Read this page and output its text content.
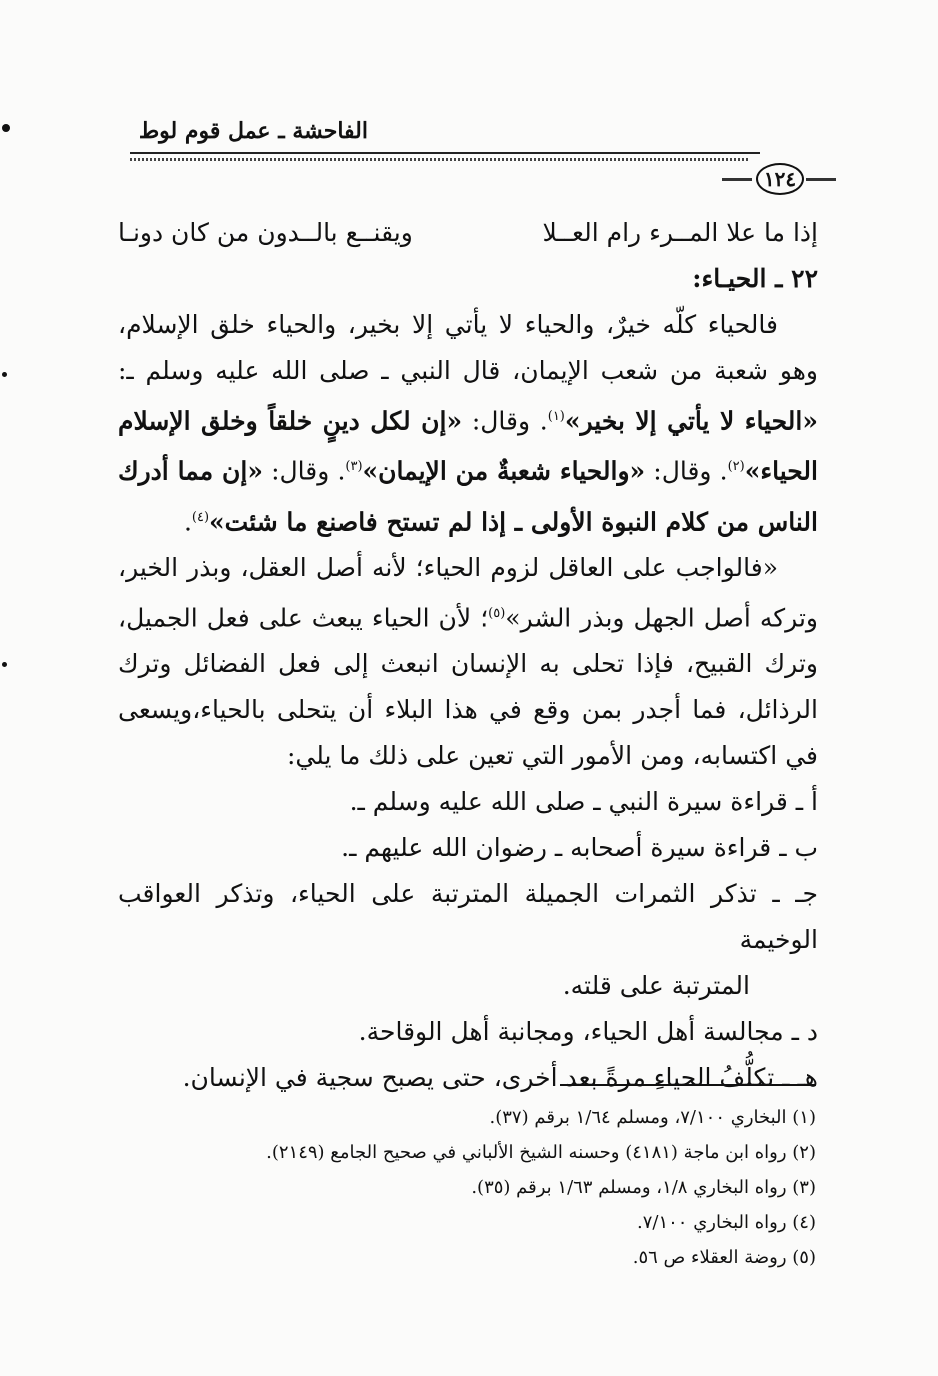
الفاحشة ـ عمل قوم لوط
١٢٤
إذا ما علا المــرء رام العــلا
ويقنــع بالــدون من كان دونـا
٢٢ ـ الحيـاء:

فالحياء كلّه خيرٌ، والحياء لا يأتي إلا بخير، والحياء خلق الإسلام، وهو شعبة من شعب الإيمان، قال النبي ـ صلى الله عليه وسلم ـ: «الحياء لا يأتي إلا بخير»$^{(١)}$. وقال: «إن لكل دينٍ خلقاً وخلق الإسلام الحياء»$^{(٢)}$. وقال: «والحياء شعبةٌ من الإيمان»$^{(٣)}$. وقال: «إن مما أدرك الناس من كلام النبوة الأولى ـ إذا لم تستح فاصنع ما شئت»$^{(٤)}$.

«فالواجب على العاقل لزوم الحياء؛ لأنه أصل العقل، وبذر الخير، وتركه أصل الجهل وبذر الشر»$^{(٥)}$؛ لأن الحياء يبعث على فعل الجميل، وترك القبيح، فإذا تحلى به الإنسان انبعث إلى فعل الفضائل وترك الرذائل، فما أجدر بمن وقع في هذا البلاء أن يتحلى بالحياء،ويسعى في اكتسابه، ومن الأمور التي تعين على ذلك ما يلي:

أ ـ قراءة سيرة النبي ـ صلى الله عليه وسلم ـ.
ب ـ قراءة سيرة أصحابه ـ رضوان الله عليهم ـ.
جـ ـ تذكر الثمرات الجميلة المترتبة على الحياء، وتذكر العواقب الوخيمة
المترتبة على قلته.
د ـ مجالسة أهل الحياء، ومجانبة أهل الوقاحة.
هـ ـ تكلُّفُ الحياءِ مرةً بعد أخرى، حتى يصبح سجية في الإنسان.
(١) البخاري ٧/١٠٠، ومسلم ١/٦٤ برقم (٣٧).
(٢) رواه ابن ماجة (٤١٨١) وحسنه الشيخ الألباني في صحيح الجامع (٢١٤٩).
(٣) رواه البخاري ١/٨، ومسلم ١/٦٣ برقم (٣٥).
(٤) رواه البخاري ٧/١٠٠.
(٥) روضة العقلاء ص ٥٦.
